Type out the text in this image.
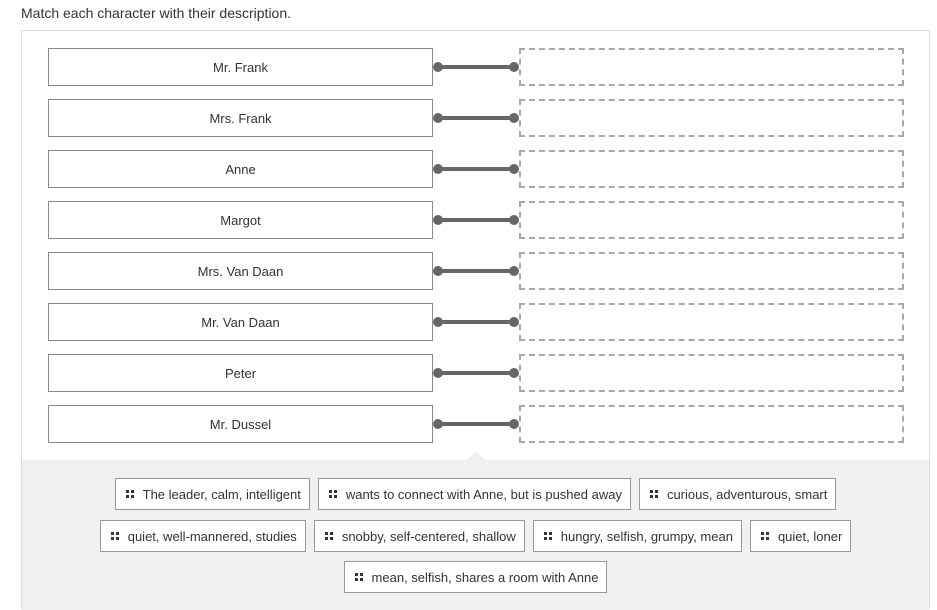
Match each character with their description.
Mr. Frank
Mrs. Frank
Anne
Margot
Mrs. Van Daan
Mr. Van Daan
Peter
Mr. Dussel
The leader, calm, intelligent	wants to connect with Anne, but is pushed away	curious, adventurous, smart
quiet, well-mannered, studies	snobby, self-centered, shallow	hungry, selfish, grumpy, mean	quiet, loner
mean, selfish, shares a room with Anne
